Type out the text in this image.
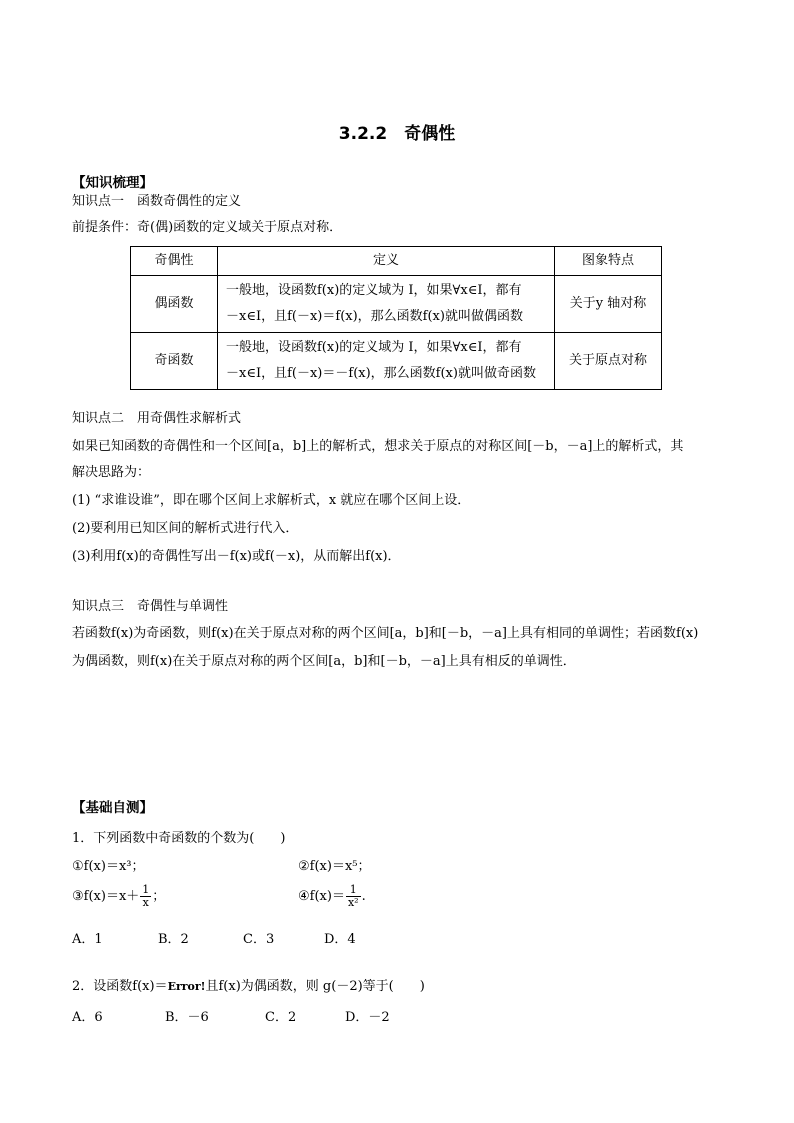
3.2.2　奇偶性
【知识梳理】
知识点一　函数奇偶性的定义
前提条件：奇(偶)函数的定义域关于原点对称．
奇偶性	定义	图象特点
偶函数	一般地，设函数f(x)的定义域为 I，如果∀x∈I，都有
－x∈I，且f(－x)＝f(x)，那么函数f(x)就叫做偶函数	关于y 轴对称
奇函数	一般地，设函数f(x)的定义域为 I，如果∀x∈I，都有
－x∈I，且f(－x)＝－f(x)，那么函数f(x)就叫做奇函数	关于原点对称
知识点二　用奇偶性求解析式
如果已知函数的奇偶性和一个区间[a，b]上的解析式，想求关于原点的对称区间[－b，－a]上的解析式，其
解决思路为：
(1) “求谁设谁”，即在哪个区间上求解析式，x 就应在哪个区间上设．
(2)要利用已知区间的解析式进行代入．
(3)利用f(x)的奇偶性写出－f(x)或f(－x)，从而解出f(x)．
知识点三　奇偶性与单调性
若函数f(x)为奇函数，则f(x)在关于原点对称的两个区间[a，b]和[－b，－a]上具有相同的单调性；若函数f(x)
为偶函数，则f(x)在关于原点对称的两个区间[a，b]和[－b，－a]上具有相反的单调性．
【基础自测】
1．下列函数中奇函数的个数为(　　)
①f(x)＝x³；	②f(x)＝x⁵；
③f(x)＝x＋ $\frac{1}{x}$ ；	④f(x)＝ $\frac{1}{\text{x²}}$ .
A．1	B．2	C．3	D．4
2．设函数f(x)＝Error!且f(x)为偶函数，则 g(－2)等于(　　)
A．6	B．－6	C．2	D．－2
